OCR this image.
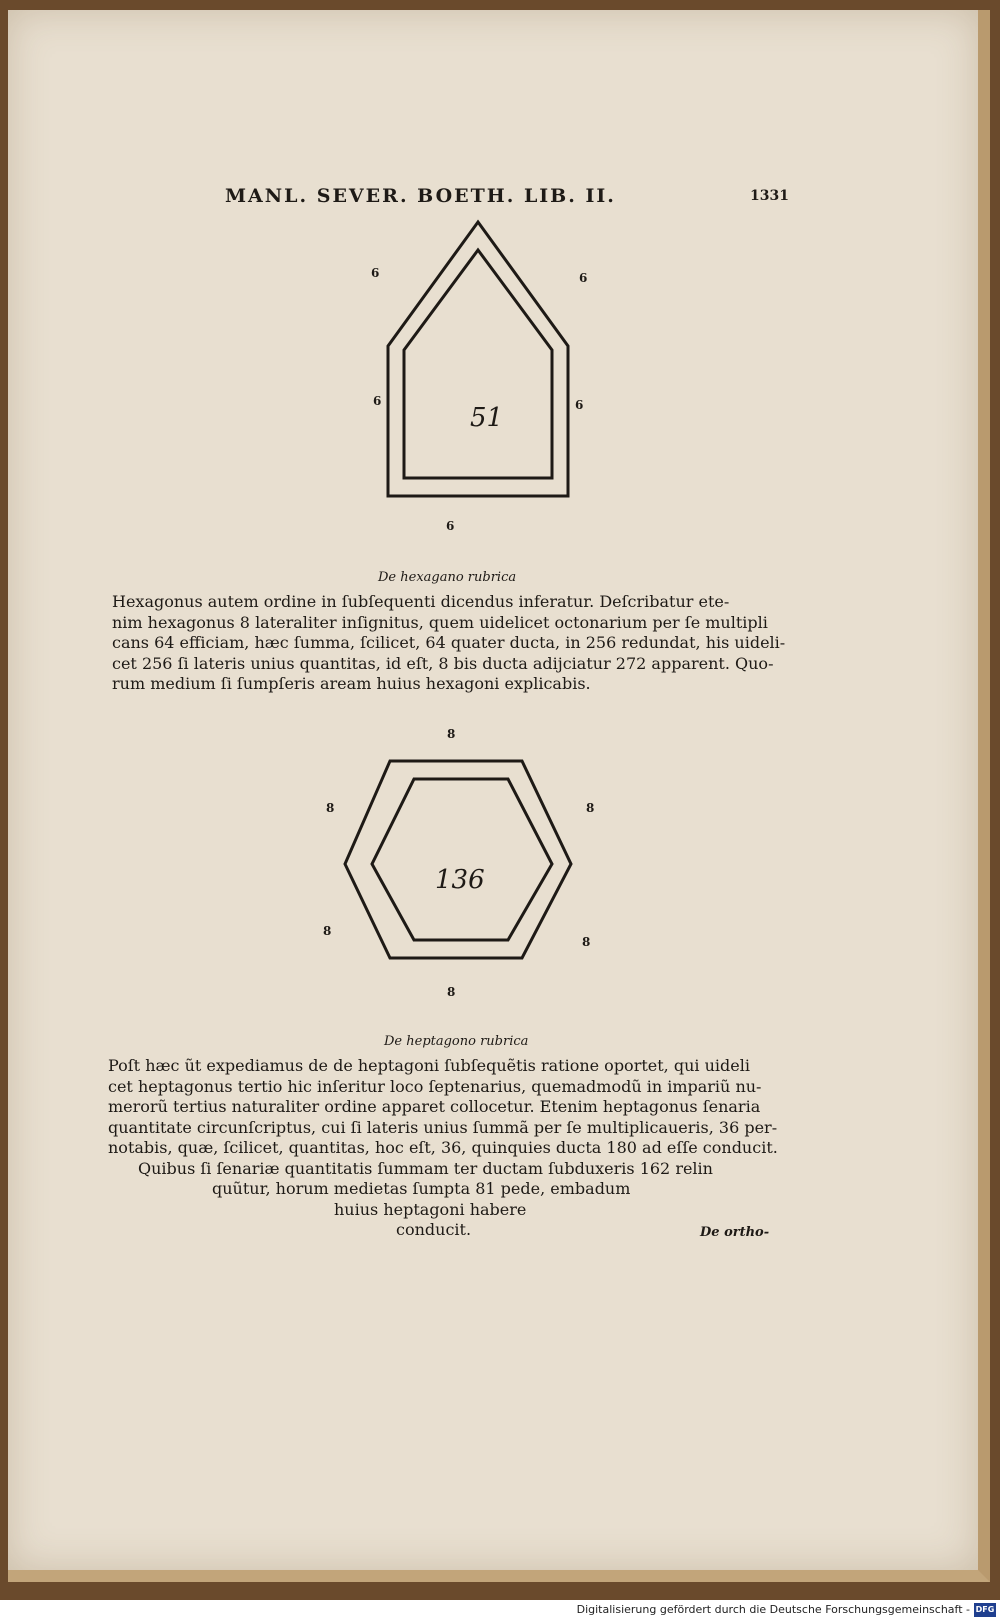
MANL. SEVER. BOETH. LIB. II.	1331
6	6
6	6
6
51
8
8	8
8
8
8
136
De hexagano rubrica
Hexagonus autem ordine in ſubſequenti dicendus inferatur. Deſcribatur ete-
nim hexagonus 8 lateraliter inſignitus, quem uidelicet octonarium per ſe multipli
cans 64 efficiam, hæc ſumma, ſcilicet, 64 quater ducta, in 256 redundat, his uideli-
cet 256 ſi lateris unius quantitas, id eſt, 8 bis ducta adijciatur 272 apparent. Quo-
rum medium ſi ſumpſeris aream huius hexagoni explicabis.
De heptagono rubrica
Poſt hæc ũt expediamus de de heptagoni ſubſequẽtis ratione oportet, qui uideli
cet heptagonus tertio hic inſeritur loco ſeptenarius, quemadmodũ in impariũ nu-
merorũ tertius naturaliter ordine apparet collocetur. Etenim heptagonus ſenaria
quantitate circunſcriptus, cui ſi lateris unius ſummã per ſe multiplicaueris, 36 per-
notabis, quæ, ſcilicet, quantitas, hoc eſt, 36, quinquies ducta 180 ad eſſe conducit.
Quibus ſi ſenariæ quantitatis ſummam ter ductam ſubduxeris 162 relin
quũtur, horum medietas ſumpta 81 pede, embadum
huius heptagoni habere
conducit.	De ortho-
Digitalisierung gefördert durch die Deutsche Forschungsgemeinschaft - DFG
